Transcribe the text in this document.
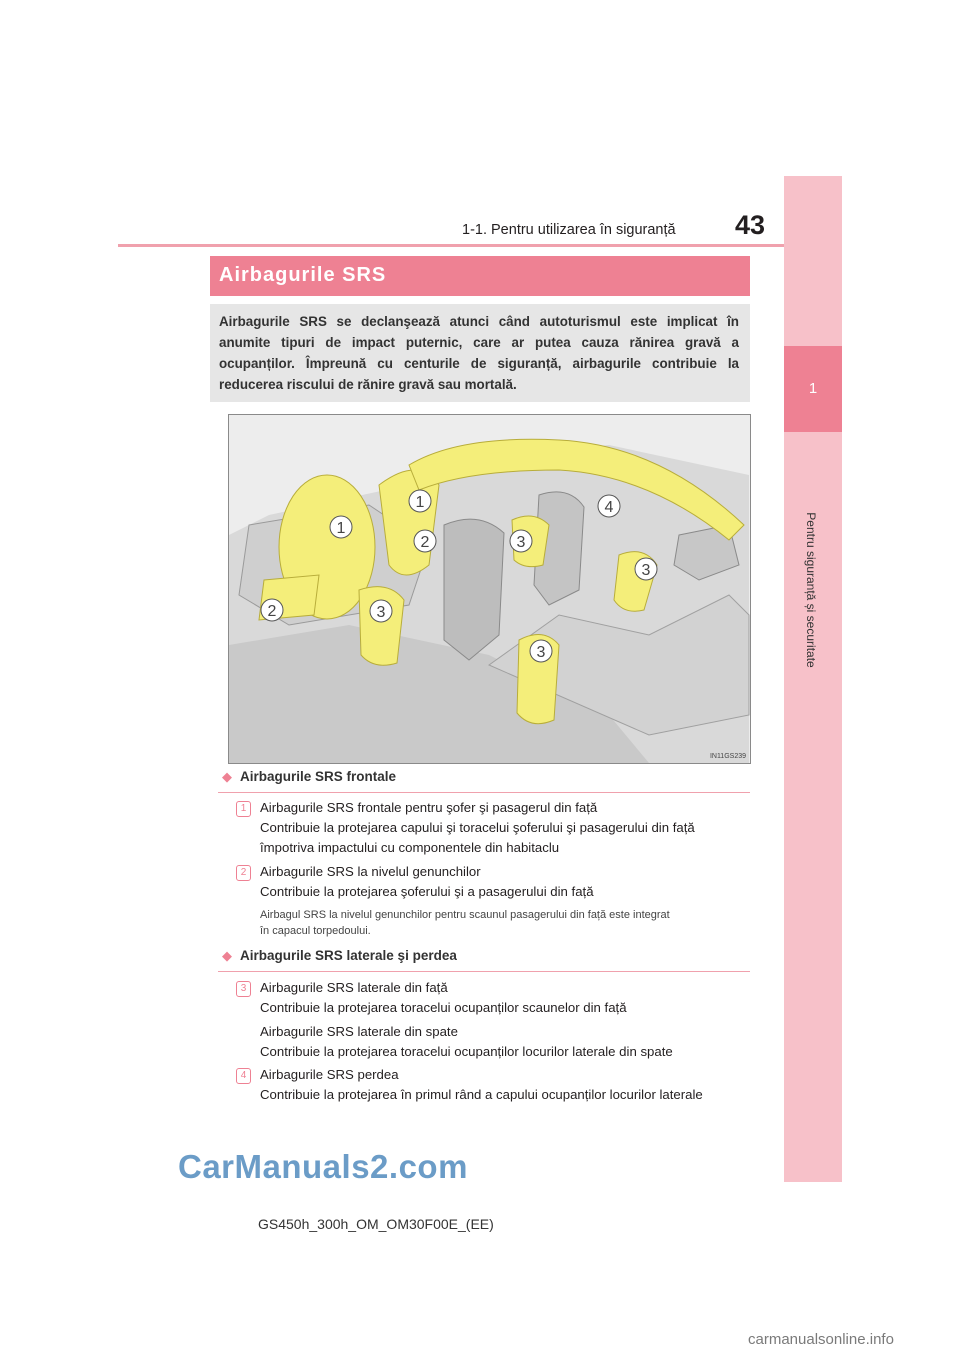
43
1-1. Pentru utilizarea în siguranță
1
Pentru siguranță și securitate
Airbagurile SRS
Airbagurile SRS se declanşează atunci când autoturismul este implicat în anumite tipuri de impact puternic, care ar putea cauza rănirea gravă a ocupanților. Împreună cu centurile de siguranță, airbagurile contribuie la reducerea riscului de rănire gravă sau mortală.
1
1
2
2
3
3
3
3
4
IN11GS239
◆ Airbagurile SRS frontale
1	Airbagurile SRS frontale pentru şofer şi pasagerul din față
Contribuie la protejarea capului şi toracelui şoferului şi pasagerului din față
împotriva impactului cu componentele din habitaclu
2	Airbagurile SRS la nivelul genunchilor
Contribuie la protejarea şoferului şi a pasagerului din față
Airbagul SRS la nivelul genunchilor pentru scaunul pasagerului din față este integrat
în capacul torpedoului.
◆ Airbagurile SRS laterale şi perdea
3	Airbagurile SRS laterale din față
Contribuie la protejarea toracelui ocupanților scaunelor din față
Airbagurile SRS laterale din spate
Contribuie la protejarea toracelui ocupanților locurilor laterale din spate
4	Airbagurile SRS perdea
Contribuie la protejarea în primul rând a capului ocupanților locurilor laterale
CarManuals2.com
GS450h_300h_OM_OM30F00E_(EE)
carmanualsonline.info
